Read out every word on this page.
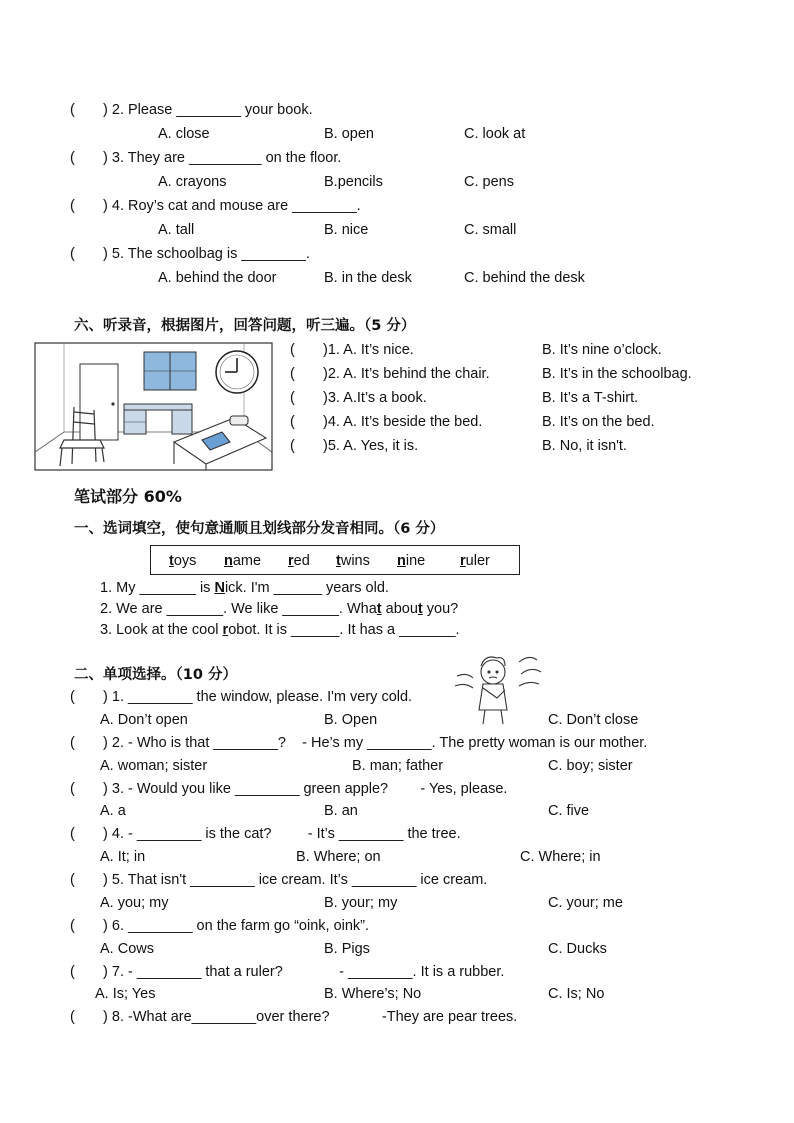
(       ) 2. Please ________ your book.
A. close	B. open	C. look at
(       ) 3. They are _________ on the floor.
A. crayons	B.pencils	C. pens
(       ) 4. Roy’s cat and mouse are ________.
A. tall	B. nice	C. small
(       ) 5. The schoolbag is ________.
A. behind the door	B. in the desk	C. behind the desk
六、听录音，根据图片，回答问题，听三遍。（5 分）
(       )1. A. It’s nice.	B. It’s nine o’clock.
(       )2. A. It’s behind the chair.	B. It’s in the schoolbag.
(       )3. A.It’s a book.	B. It’s a T-shirt.
(       )4. A. It’s beside the bed.	B. It’s on the bed.
(       )5. A. Yes, it is.	B. No, it isn't.
笔试部分 60%
一、选词填空，使句意通顺且划线部分发音相同。（6 分）
toys name red twins nine ruler
1. My _______ is Nick. I'm ______ years old.
2. We are _______. We like _______. What about you?
3. Look at the cool robot. It is ______. It has a _______.
二、单项选择。（10 分）
(       ) 1. ________ the window, please. I'm very cold.
A. Don’t open	B. Open	C. Don’t close
(       ) 2. - Who is that ________?    - He’s my ________. The pretty woman is our mother.
A. woman; sister	B. man; father	C. boy; sister
(       ) 3. - Would you like ________ green apple?        - Yes, please.
A. a	B. an	C. five
(       ) 4. - ________ is the cat?         - It’s ________ the tree.
A. It; in	B. Where; on	C. Where; in
(       ) 5. That isn't ________ ice cream. It’s ________ ice cream.
A. you; my	B. your; my	C. your; me
(       ) 6. ________ on the farm go “oink, oink”.
A. Cows	B. Pigs	C. Ducks
(       ) 7. - ________ that a ruler?              - ________. It is a rubber.
A. Is; Yes	B. Where’s; No	C. Is; No
(       ) 8. -What are________over there?             -They are pear trees.
